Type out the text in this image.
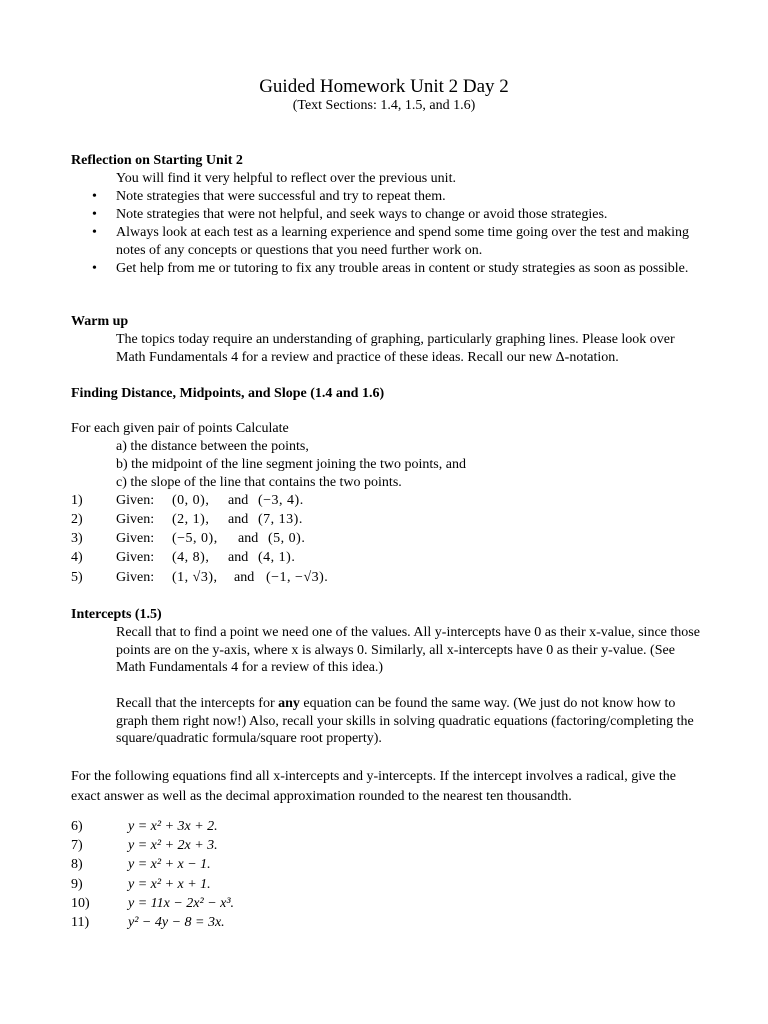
Guided Homework Unit 2 Day 2
(Text Sections: 1.4, 1.5, and 1.6)
Reflection on Starting Unit 2
You will find it very helpful to reflect over the previous unit.
• Note strategies that were successful and try to repeat them.
• Note strategies that were not helpful, and seek ways to change or avoid those strategies.
• Always look at each test as a learning experience and spend some time going over the test and making notes of any concepts or questions that you need further work on.
• Get help from me or tutoring to fix any trouble areas in content or study strategies as soon as possible.
Warm up
The topics today require an understanding of graphing, particularly graphing lines. Please look over Math Fundamentals 4 for a review and practice of these ideas. Recall our new Δ-notation.
Finding Distance, Midpoints, and Slope (1.4 and 1.6)
For each given pair of points Calculate
a) the distance between the points,
b) the midpoint of the line segment joining the two points, and
c) the slope of the line that contains the two points.
1) Given: (0, 0), and (−3, 4).
2) Given: (2, 1), and (7, 13).
3) Given: (−5, 0), and (5, 0).
4) Given: (4, 8), and (4, 1).
5) Given: (1, √3), and (−1, −√3).
Intercepts (1.5)
Recall that to find a point we need one of the values. All y-intercepts have 0 as their x-value, since those points are on the y-axis, where x is always 0. Similarly, all x-intercepts have 0 as their y-value. (See Math Fundamentals 4 for a review of this idea.)
Recall that the intercepts for any equation can be found the same way. (We just do not know how to graph them right now!) Also, recall your skills in solving quadratic equations (factoring/completing the square/quadratic formula/square root property).
For the following equations find all x-intercepts and y-intercepts. If the intercept involves a radical, give the exact answer as well as the decimal approximation rounded to the nearest ten thousandth.
6)	y = x² + 3x + 2.
7)	y = x² + 2x + 3.
8)	y = x² + x − 1.
9)	y = x² + x + 1.
10)	y = 11x − 2x² − x³.
11)	y² − 4y − 8 = 3x.
